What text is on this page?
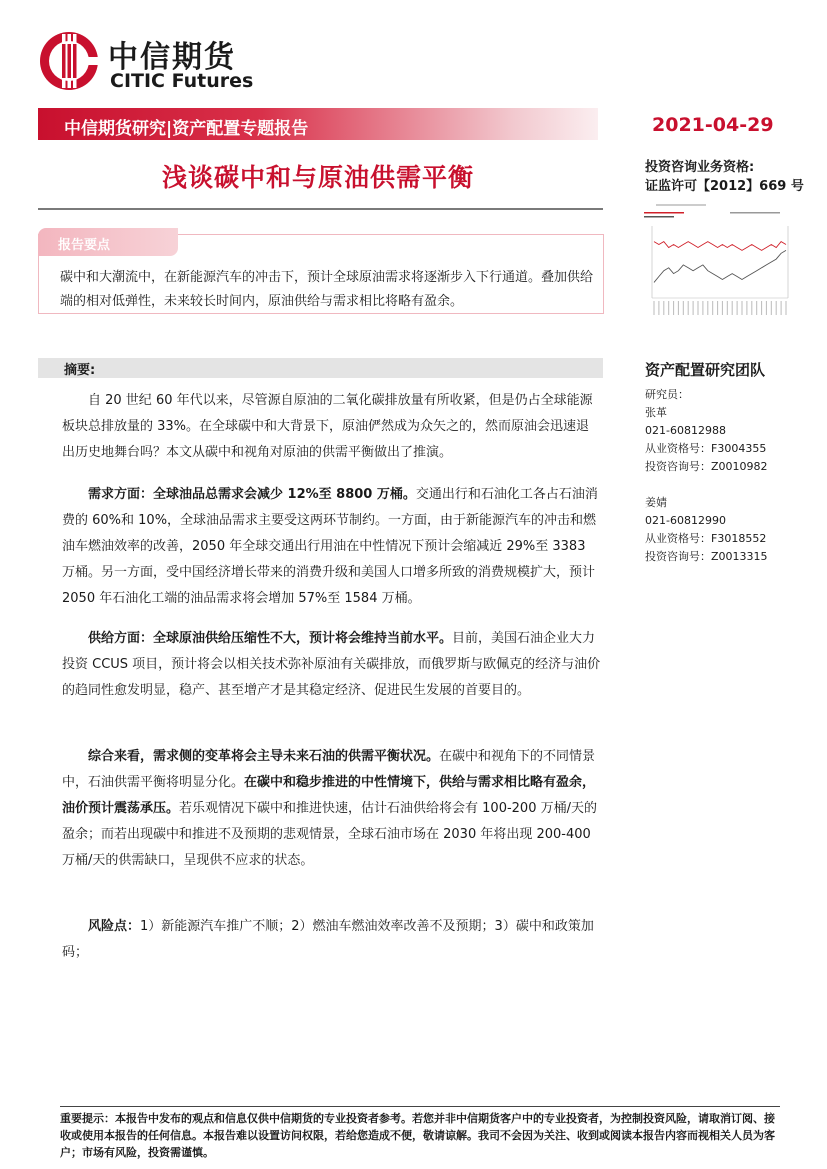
中信期货
CITIC Futures
中信期货研究|资产配置专题报告	2021-04-29
浅谈碳中和与原油供需平衡	投资咨询业务资格:
证监许可【2012】669 号
报告要点

碳中和大潮流中，在新能源汽车的冲击下，预计全球原油需求将逐渐步入下行通道。叠加供给端的相对低弹性，未来较长时间内，原油供给与需求相比将略有盈余。

摘要:

自 20 世纪 60 年代以来，尽管源自原油的二氧化碳排放量有所收紧，但是仍占全球能源板块总排放量的 33%。在全球碳中和大背景下，原油俨然成为众矢之的，然而原油会迅速退出历史地舞台吗？本文从碳中和视角对原油的供需平衡做出了推演。

需求方面：全球油品总需求会减少 12%至 8800 万桶。交通出行和石油化工各占石油消费的 60%和 10%，全球油品需求主要受这两环节制约。一方面，由于新能源汽车的冲击和燃油车燃油效率的改善，2050 年全球交通出行用油在中性情况下预计会缩减近 29%至 3383 万桶。另一方面，受中国经济增长带来的消费升级和美国人口增多所致的消费规模扩大，预计 2050 年石油化工端的油品需求将会增加 57%至 1584 万桶。

供给方面：全球原油供给压缩性不大，预计将会维持当前水平。目前，美国石油企业大力投资 CCUS 项目，预计将会以相关技术弥补原油有关碳排放，而俄罗斯与欧佩克的经济与油价的趋同性愈发明显，稳产、甚至增产才是其稳定经济、促进民生发展的首要目的。

综合来看，需求侧的变革将会主导未来石油的供需平衡状况。在碳中和视角下的不同情景中，石油供需平衡将明显分化。在碳中和稳步推进的中性情境下，供给与需求相比略有盈余，油价预计震荡承压。若乐观情况下碳中和推进快速，估计石油供给将会有 100-200 万桶/天的盈余；而若出现碳中和推进不及预期的悲观情景，全球石油市场在 2030 年将出现 200-400 万桶/天的供需缺口，呈现供不应求的状态。

风险点：1）新能源汽车推广不顺；2）燃油车燃油效率改善不及预期；3）碳中和政策加码；

资产配置研究团队
研究员：
张革
021-60812988
从业资格号：F3004355
投资咨询号：Z0010982
姜婧
021-60812990
从业资格号：F3018552
投资咨询号：Z0013315
重要提示：本报告中发布的观点和信息仅供中信期货的专业投资者参考。若您并非中信期货客户中的专业投资者，为控制投资风险，请取消订阅、接收或使用本报告的任何信息。本报告难以设置访问权限，若给您造成不便，敬请谅解。我司不会因为关注、收到或阅读本报告内容而视相关人员为客户；市场有风险，投资需谨慎。
